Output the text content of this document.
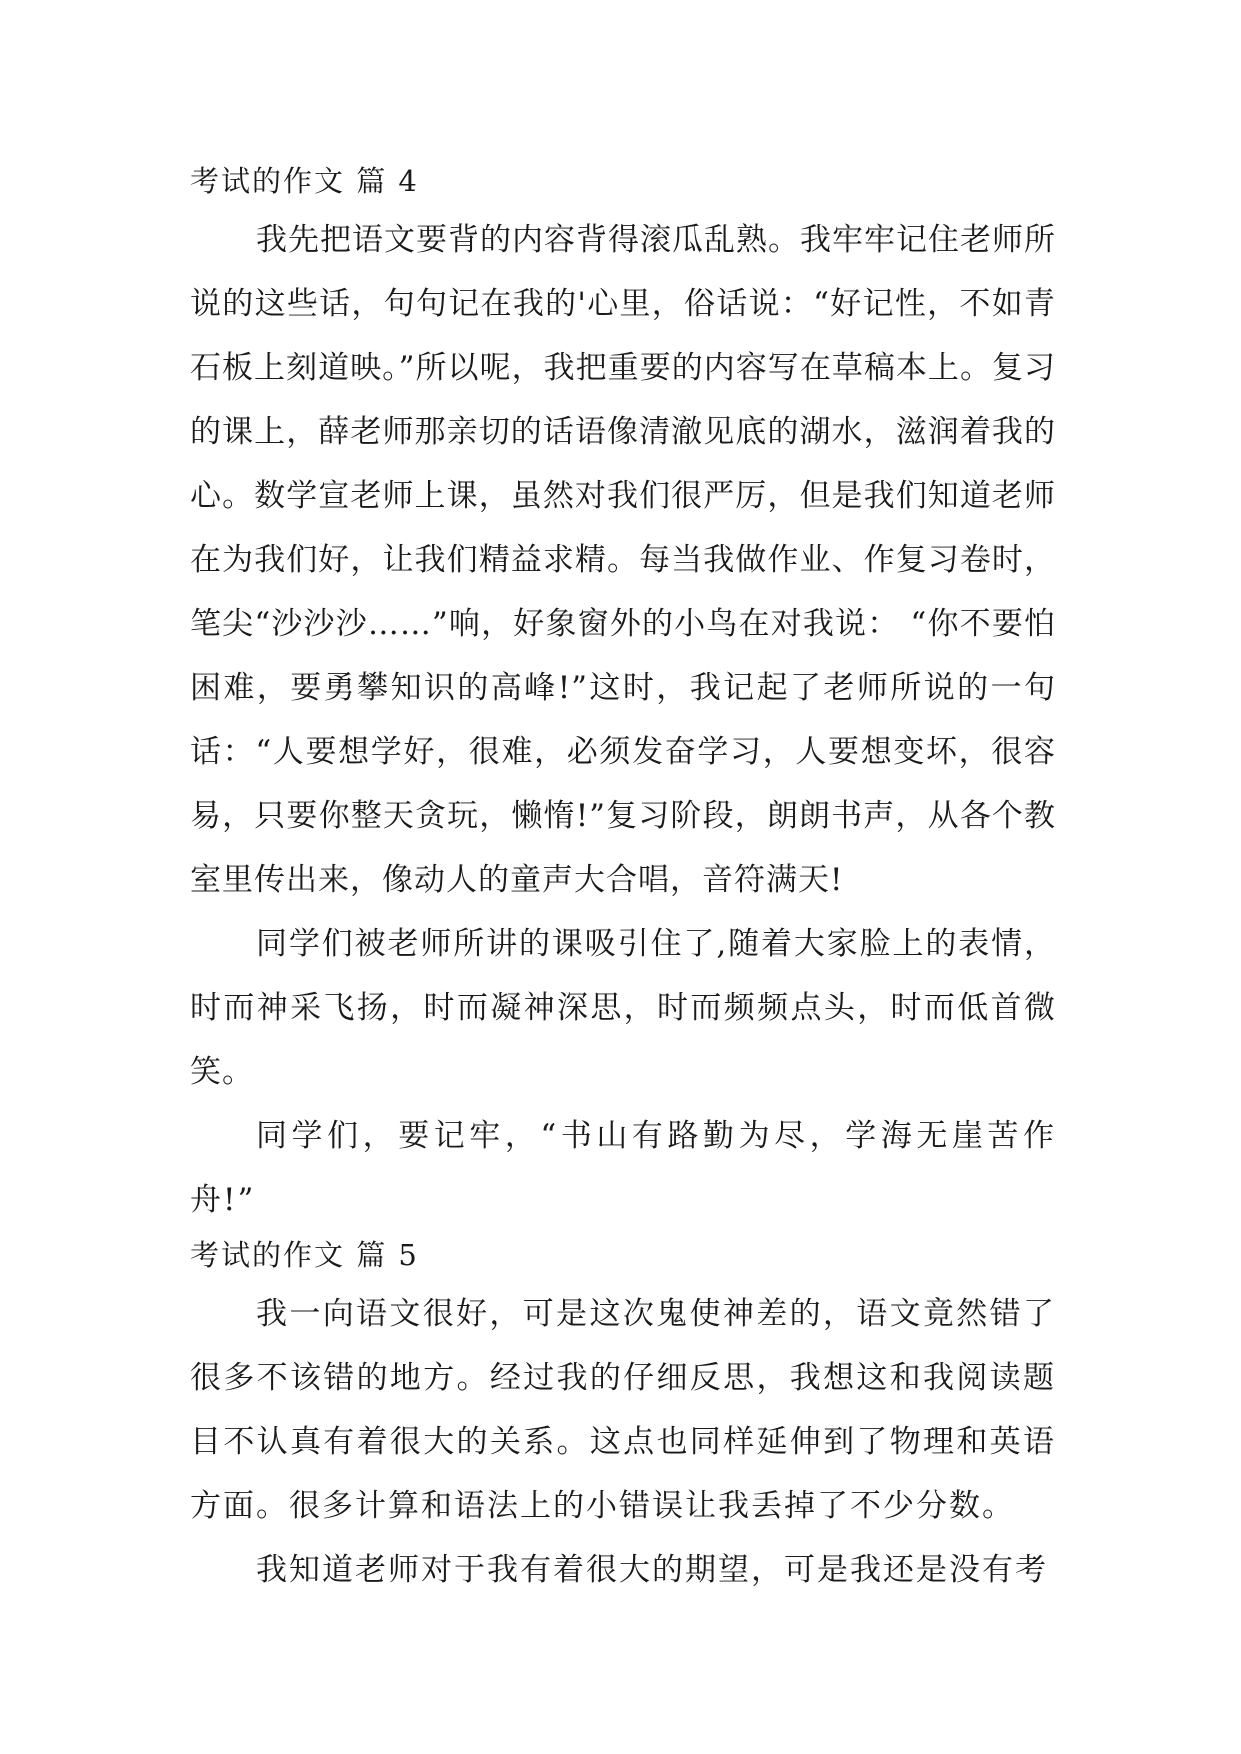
考试的作文 篇 4

我先把语文要背的内容背得滚瓜乱熟。我牢牢记住老师所说的这些话，句句记在我的'心里，俗话说：“好记性，不如青石板上刻道映。”所以呢，我把重要的内容写在草稿本上。复习的课上，薛老师那亲切的话语像清澈见底的湖水，滋润着我的心。数学宣老师上课，虽然对我们很严厉，但是我们知道老师在为我们好，让我们精益求精。每当我做作业、作复习卷时，笔尖“沙沙沙……”响，好象窗外的小鸟在对我说： “你不要怕困难，要勇攀知识的高峰!”这时，我记起了老师所说的一句话：“人要想学好，很难，必须发奋学习，人要想变坏，很容易，只要你整天贪玩，懒惰!”复习阶段，朗朗书声，从各个教室里传出来，像动人的童声大合唱，音符满天!

同学们被老师所讲的课吸引住了,随着大家脸上的表情，时而神采飞扬，时而凝神深思，时而频频点头，时而低首微笑。

同学们，要记牢，“书山有路勤为尽，学海无崖苦作舟!”

考试的作文 篇 5

我一向语文很好，可是这次鬼使神差的，语文竟然错了很多不该错的地方。经过我的仔细反思，我想这和我阅读题目不认真有着很大的关系。这点也同样延伸到了物理和英语方面。很多计算和语法上的小错误让我丢掉了不少分数。

我知道老师对于我有着很大的期望，可是我还是没有考
